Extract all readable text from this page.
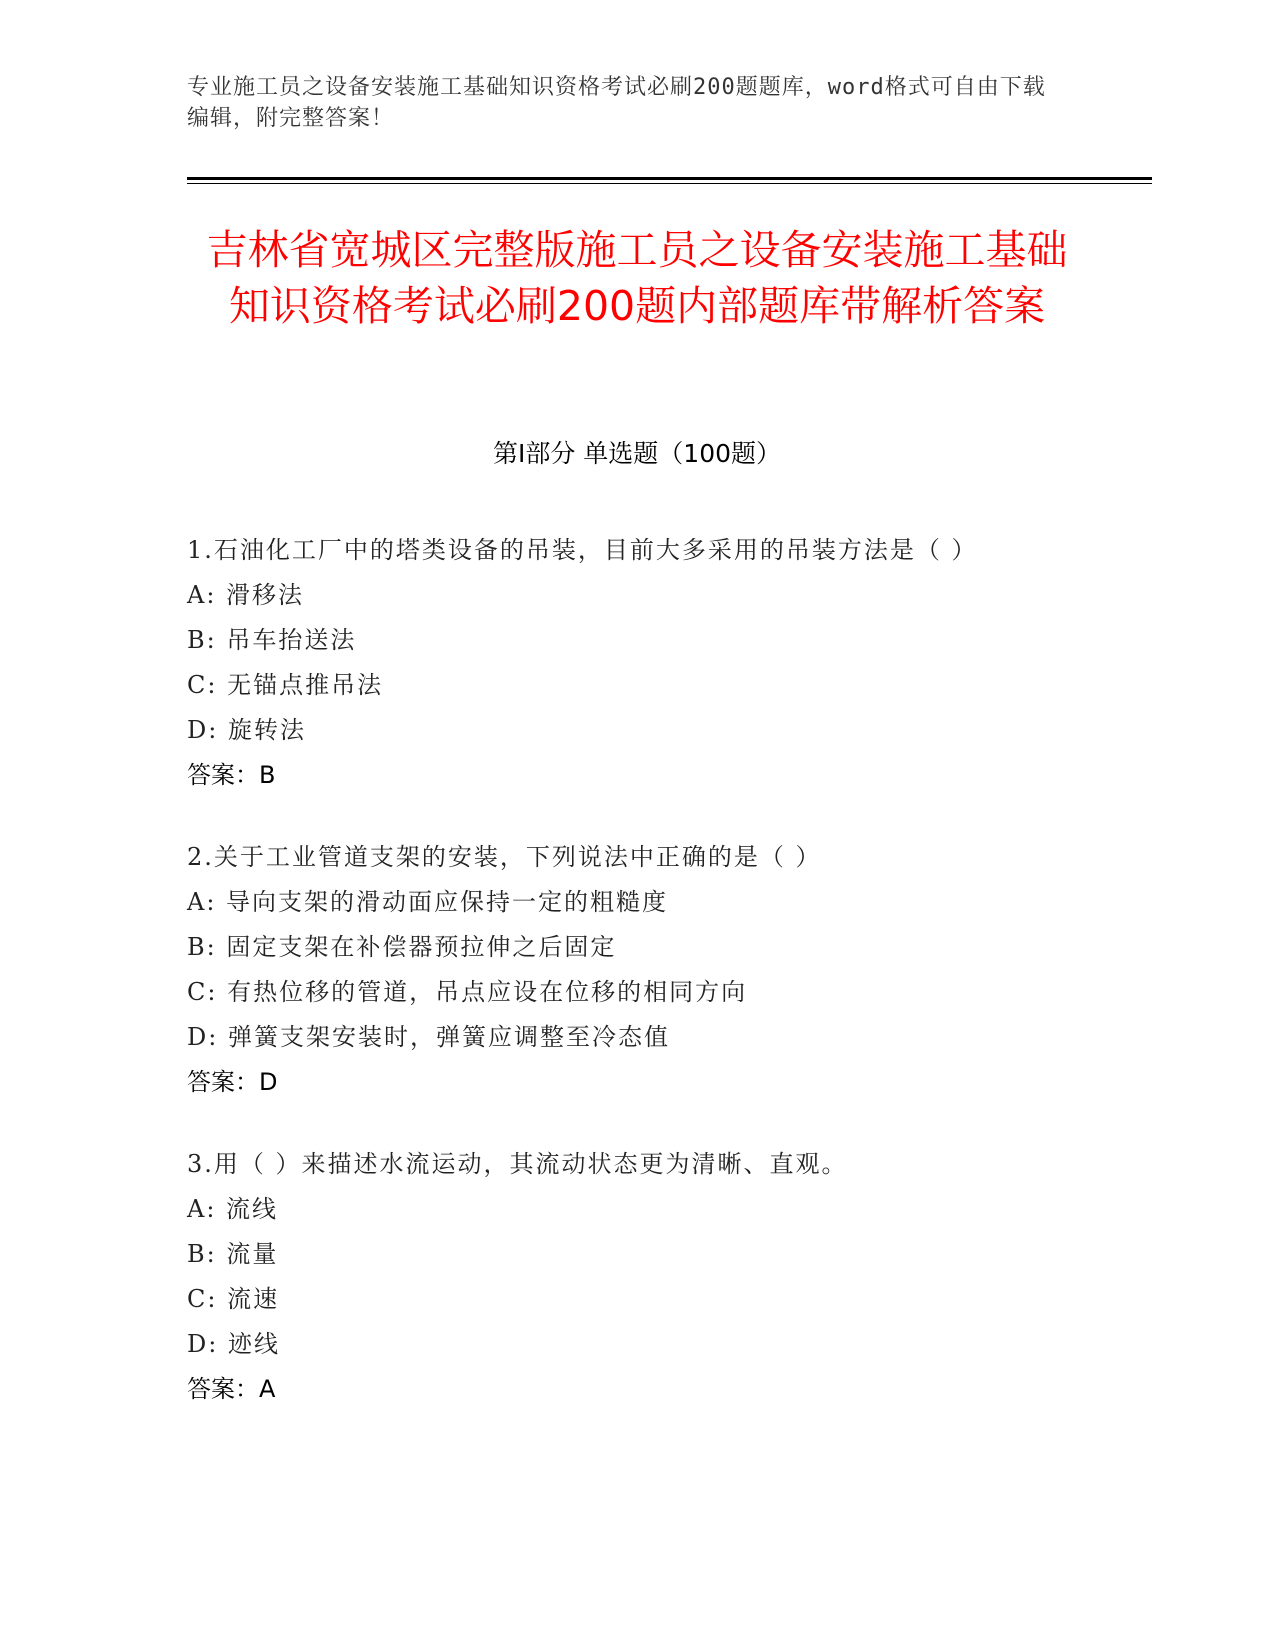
专业施工员之设备安装施工基础知识资格考试必刷200题题库，word格式可自由下载编辑，附完整答案！
吉林省宽城区完整版施工员之设备安装施工基础知识资格考试必刷200题内部题库带解析答案
第Ⅰ部分 单选题（100题）
1.石油化工厂中的塔类设备的吊装，目前大多采用的吊装方法是（ ）
A: 滑移法
B: 吊车抬送法
C: 无锚点推吊法
D: 旋转法
答案：B
2.关于工业管道支架的安装，下列说法中正确的是（ ）
A: 导向支架的滑动面应保持一定的粗糙度
B: 固定支架在补偿器预拉伸之后固定
C: 有热位移的管道，吊点应设在位移的相同方向
D: 弹簧支架安装时，弹簧应调整至冷态值
答案：D
3.用（ ）来描述水流运动，其流动状态更为清晰、直观。
A: 流线
B: 流量
C: 流速
D: 迹线
答案：A
